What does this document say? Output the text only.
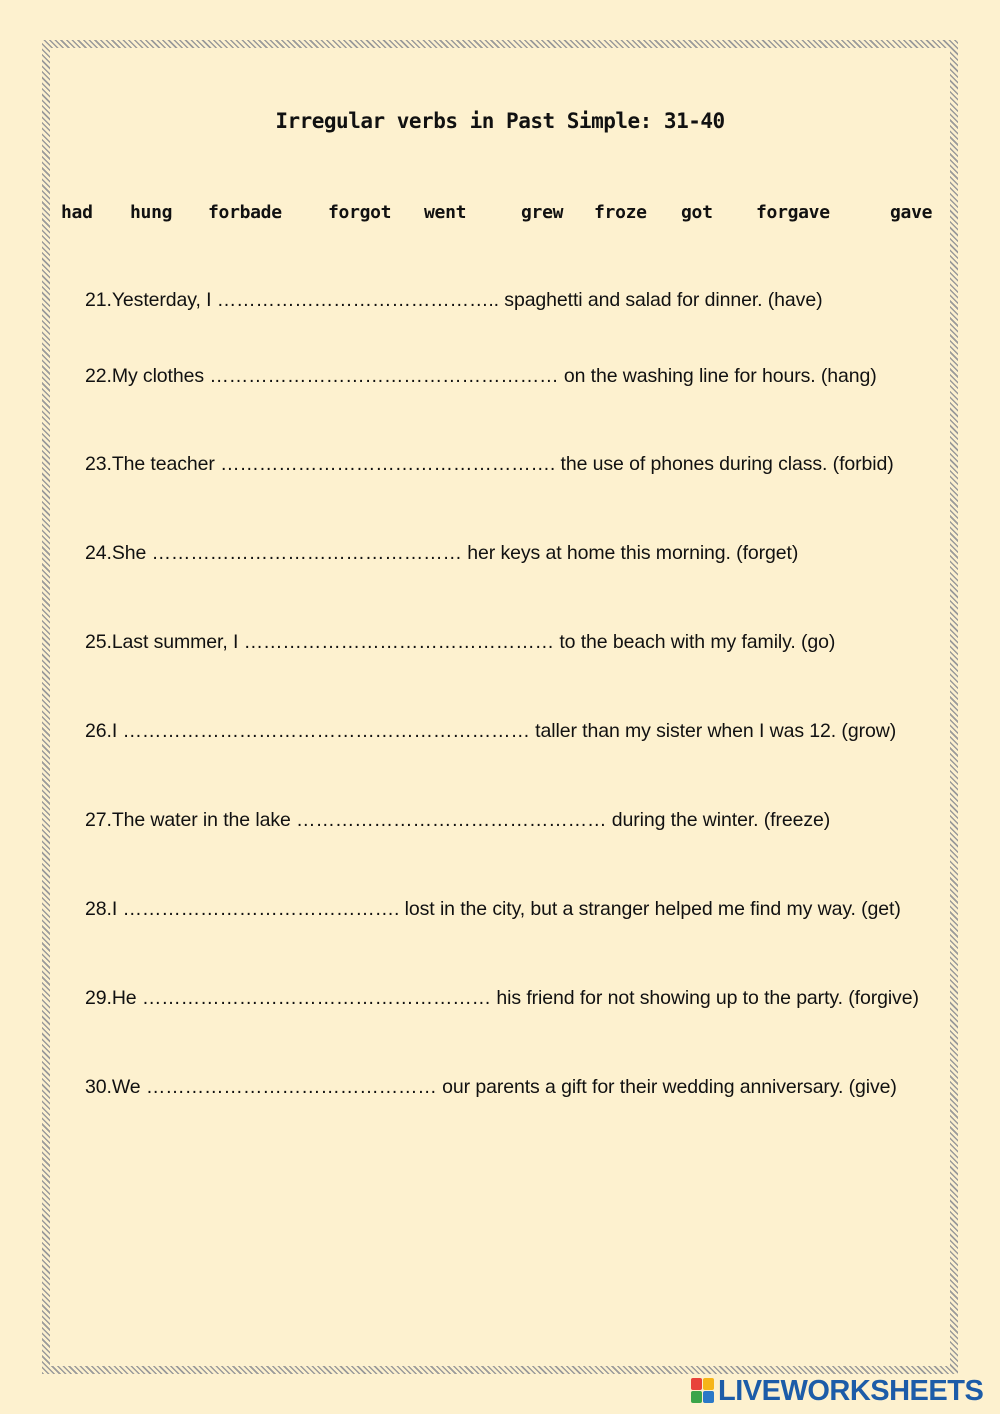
Irregular verbs in Past Simple: 31-40
had hung forbade	forgot went	grew froze got forgave	gave
21.Yesterday, I …………………………………….. spaghetti and salad for dinner. (have)
22.My clothes ……………………………………………… on the washing line for hours. (hang)
23.The teacher ……………………………………………. the use of phones during class. (forbid)
24.She ………………………………………… her keys at home this morning. (forget)
25.Last summer, I ………………………………………… to the beach with my family. (go)
26.I ……………………………………………………… taller than my sister when I was 12. (grow)
27.The water in the lake ………………………………………… during the winter. (freeze)
28.I ……………………………………. lost in the city, but a stranger helped me find my way. (get)
29.He ……………………………………………… his friend for not showing up to the party. (forgive)
30.We ……………………………………… our parents a gift for their wedding anniversary. (give)
LIVEWORKSHEETS
